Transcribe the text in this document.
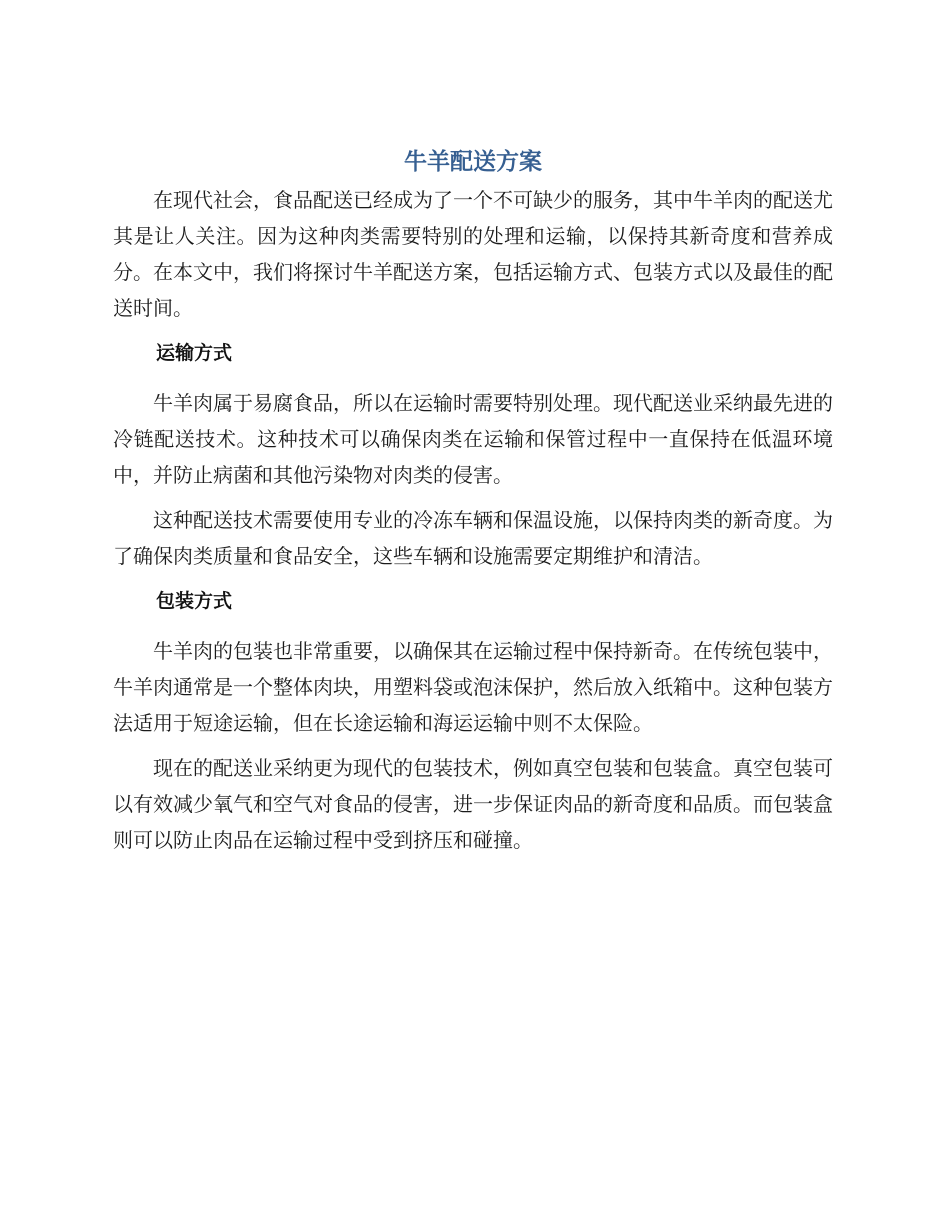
牛羊配送方案

在现代社会，食品配送已经成为了一个不可缺少的服务，其中牛羊肉的配送尤其是让人关注。因为这种肉类需要特别的处理和运输，以保持其新奇度和营养成分。在本文中，我们将探讨牛羊配送方案，包括运输方式、包装方式以及最佳的配送时间。

运输方式

牛羊肉属于易腐食品，所以在运输时需要特别处理。现代配送业采纳最先进的冷链配送技术。这种技术可以确保肉类在运输和保管过程中一直保持在低温环境中，并防止病菌和其他污染物对肉类的侵害。

这种配送技术需要使用专业的冷冻车辆和保温设施，以保持肉类的新奇度。为了确保肉类质量和食品安全，这些车辆和设施需要定期维护和清洁。

包装方式

牛羊肉的包装也非常重要，以确保其在运输过程中保持新奇。在传统包装中，牛羊肉通常是一个整体肉块，用塑料袋或泡沫保护，然后放入纸箱中。这种包装方法适用于短途运输，但在长途运输和海运运输中则不太保险。

现在的配送业采纳更为现代的包装技术，例如真空包装和包装盒。真空包装可以有效减少氧气和空气对食品的侵害，进一步保证肉品的新奇度和品质。而包装盒则可以防止肉品在运输过程中受到挤压和碰撞。
